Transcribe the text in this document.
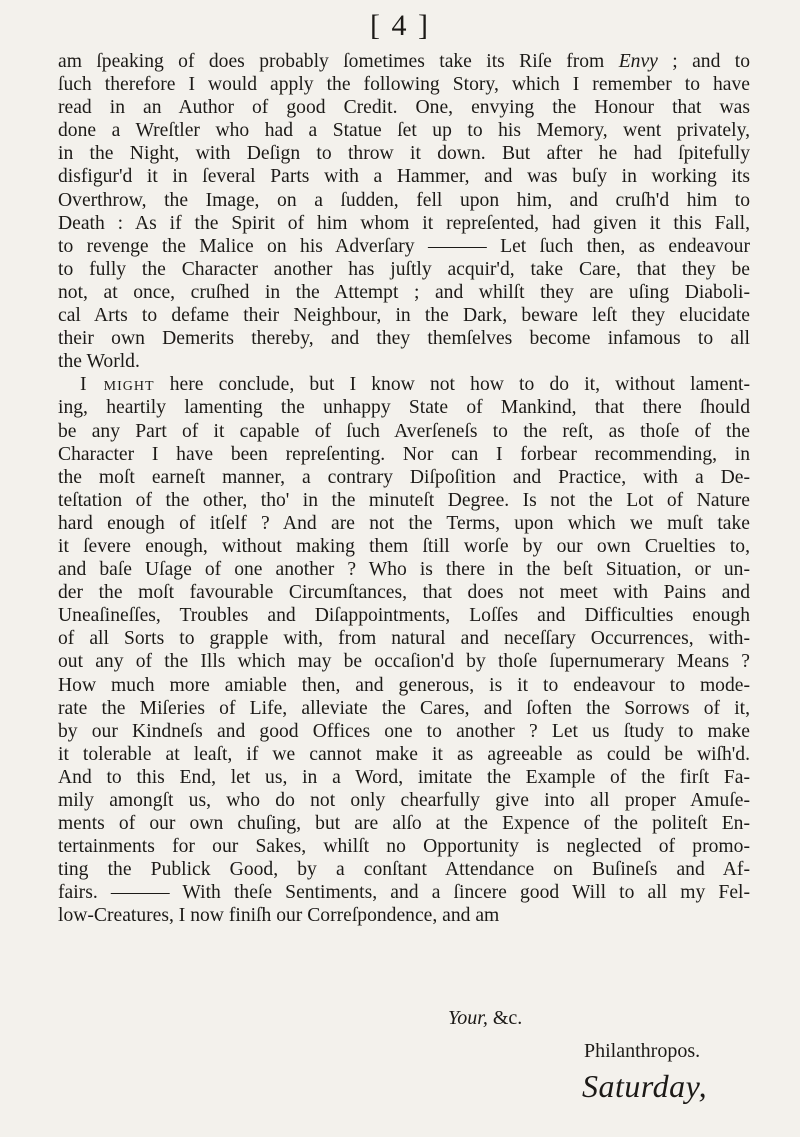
[ 4 ]
am ſpeaking of does probably ſometimes take its Riſe from Envy ; and to
ſuch therefore I would apply the following Story, which I remember to have
read in an Author of good Credit. One, envying the Honour that was
done a Wreſtler who had a Statue ſet up to his Memory, went privately,
in the Night, with Deſign to throw it down. But after he had ſpitefully
disfigur'd it in ſeveral Parts with a Hammer, and was buſy in working its
Overthrow, the Image, on a ſudden, fell upon him, and cruſh'd him to
Death : As if the Spirit of him whom it repreſented, had given it this Fall,
to revenge the Malice on his Adverſary ——— Let ſuch then, as endeavour
to fully the Character another has juſtly acquir'd, take Care, that they be
not, at once, cruſhed in the Attempt ; and whilſt they are uſing Diaboli-
cal Arts to defame their Neighbour, in the Dark, beware leſt they elucidate
their own Demerits thereby, and they themſelves become infamous to all
the World.
I might here conclude, but I know not how to do it, without lament-
ing, heartily lamenting the unhappy State of Mankind, that there ſhould
be any Part of it capable of ſuch Averſeneſs to the reſt, as thoſe of the
Character I have been repreſenting. Nor can I forbear recommending, in
the moſt earneſt manner, a contrary Diſpoſition and Practice, with a De-
teſtation of the other, tho' in the minuteſt Degree. Is not the Lot of Nature
hard enough of itſelf ? And are not the Terms, upon which we muſt take
it ſevere enough, without making them ſtill worſe by our own Cruelties to,
and baſe Uſage of one another ? Who is there in the beſt Situation, or un-
der the moſt favourable Circumſtances, that does not meet with Pains and
Uneaſineſſes, Troubles and Diſappointments, Loſſes and Difficulties enough
of all Sorts to grapple with, from natural and neceſſary Occurrences, with-
out any of the Ills which may be occaſion'd by thoſe ſupernumerary Means ?
How much more amiable then, and generous, is it to endeavour to mode-
rate the Miſeries of Life, alleviate the Cares, and ſoften the Sorrows of it,
by our Kindneſs and good Offices one to another ? Let us ſtudy to make
it tolerable at leaſt, if we cannot make it as agreeable as could be wiſh'd.
And to this End, let us, in a Word, imitate the Example of the firſt Fa-
mily amongſt us, who do not only chearfully give into all proper Amuſe-
ments of our own chuſing, but are alſo at the Expence of the politeſt En-
tertainments for our Sakes, whilſt no Opportunity is neglected of promo-
ting the Publick Good, by a conſtant Attendance on Buſineſs and Af-
fairs. ——— With theſe Sentiments, and a ſincere good Will to all my Fel-
low-Creatures, I now finiſh our Correſpondence, and am
Your, &c.
Philanthropos.
Saturday,
